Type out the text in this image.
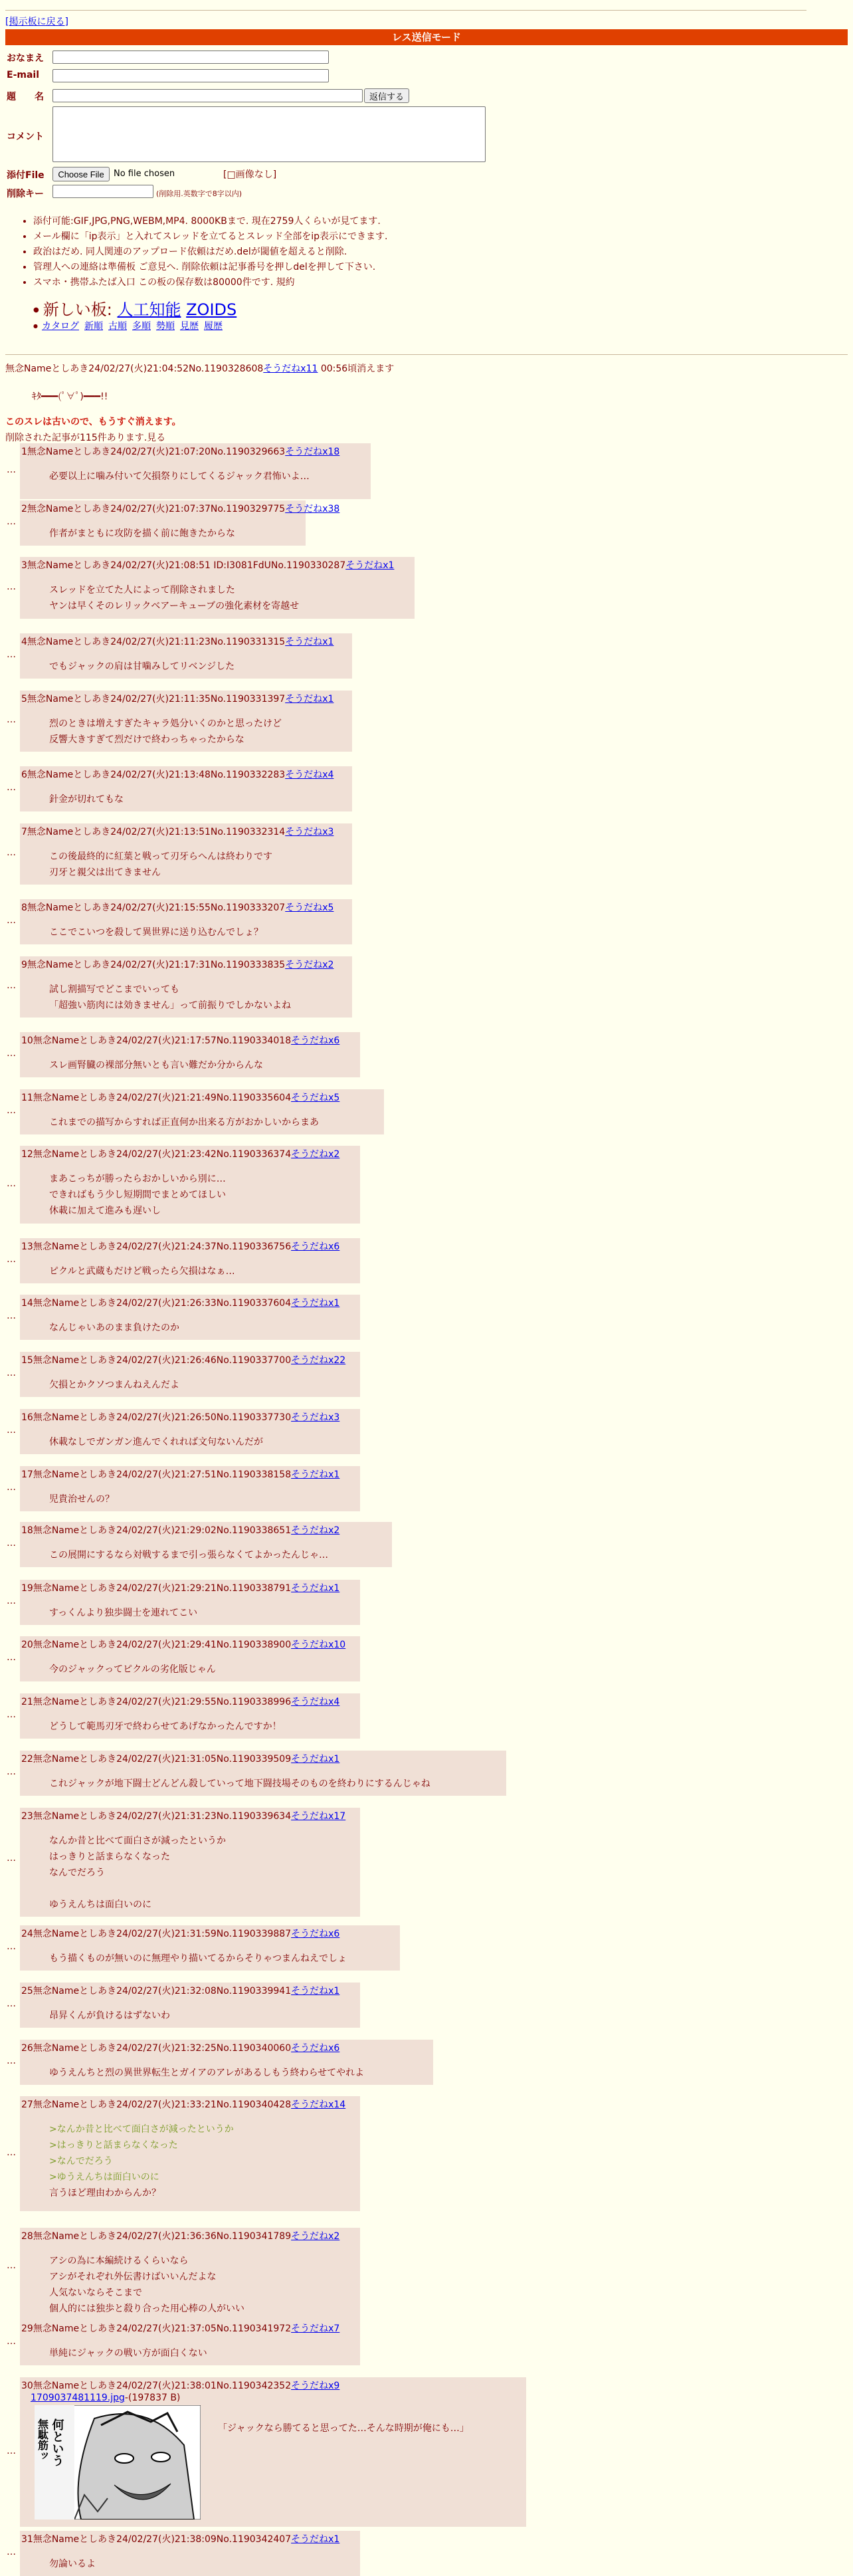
[掲示板に戻る]
レス送信モード
おなまえ
E-mail
題　　名	返信する
コメント
添付File	Choose File	No file chosen	[□画像なし]
削除キー	(削除用.英数字で8字以内)
• 添付可能:GIF,JPG,PNG,WEBM,MP4. 8000KBまで. 現在2759人くらいが見てます.
• メール欄に「ip表示」と入れてスレッドを立てるとスレッド全部をip表示にできます.
• 政治はだめ. 同人関連のアップロード依頼はだめ.delが閾値を超えると削除.
• 管理人への連絡は準備板 ご意見へ. 削除依頼は記事番号を押しdelを押して下さい.
• スマホ・携帯ふたば入口 この板の保存数は80000件です. 規約
● 新しい板: 人工知能 ZOIDS
● カタログ 新順 古順 多順 勢順 見歴 履歴
無念Nameとしあき24/02/27(火)21:04:52No.1190328608そうだねx11 00:56頃消えます
ｷﾀ━━━(ﾟ∀ﾟ)━━━!!
このスレは古いので、もうすぐ消えます。
削除された記事が115件あります.見る
…
1無念Nameとしあき24/02/27(火)21:07:20No.1190329663そうだねx18
必要以上に噛み付いて欠損祭りにしてくるジャック君怖いよ…
…
2無念Nameとしあき24/02/27(火)21:07:37No.1190329775そうだねx38
作者がまともに攻防を描く前に飽きたからな
…
3無念Nameとしあき24/02/27(火)21:08:51 ID:I3081FdUNo.1190330287そうだねx1
スレッドを立てた人によって削除されました
ヤンは早くそのレリックベアーキューブの強化素材を寄越せ
…
4無念Nameとしあき24/02/27(火)21:11:23No.1190331315そうだねx1
でもジャックの肩は甘噛みしてリベンジした
…
5無念Nameとしあき24/02/27(火)21:11:35No.1190331397そうだねx1
烈のときは増えすぎたキャラ処分いくのかと思ったけど
反響大きすぎて烈だけで終わっちゃったからな
…
6無念Nameとしあき24/02/27(火)21:13:48No.1190332283そうだねx4
針金が切れてもな
…
7無念Nameとしあき24/02/27(火)21:13:51No.1190332314そうだねx3
この後最終的に紅葉と戦って刃牙らへんは終わりです
刃牙と親父は出てきません
…
8無念Nameとしあき24/02/27(火)21:15:55No.1190333207そうだねx5
ここでこいつを殺して異世界に送り込むんでしょ？
…
9無念Nameとしあき24/02/27(火)21:17:31No.1190333835そうだねx2
試し割描写でどこまでいっても
「超強い筋肉には効きません」って前振りでしかないよね
…
10無念Nameとしあき24/02/27(火)21:17:57No.1190334018そうだねx6
スレ画腎臓の裸部分無いとも言い難だか分からんな
…
11無念Nameとしあき24/02/27(火)21:21:49No.1190335604そうだねx5
これまでの描写からすれば正直何か出来る方がおかしいからまあ
…
12無念Nameとしあき24/02/27(火)21:23:42No.1190336374そうだねx2
まあこっちが勝ったらおかしいから別に…
できればもう少し短期間でまとめてほしい
休載に加えて進みも遅いし
…
13無念Nameとしあき24/02/27(火)21:24:37No.1190336756そうだねx6
ピクルと武蔵もだけど戦ったら欠損はなぁ…
…
14無念Nameとしあき24/02/27(火)21:26:33No.1190337604そうだねx1
なんじゃいあのまま負けたのか
…
15無念Nameとしあき24/02/27(火)21:26:46No.1190337700そうだねx22
欠損とかクソつまんねえんだよ
…
16無念Nameとしあき24/02/27(火)21:26:50No.1190337730そうだねx3
休載なしでガンガン進んでくれれば文句ないんだが
…
17無念Nameとしあき24/02/27(火)21:27:51No.1190338158そうだねx1
児貴治せんの？
…
18無念Nameとしあき24/02/27(火)21:29:02No.1190338651そうだねx2
この展開にするなら対戦するまで引っ張らなくてよかったんじゃ…
…
19無念Nameとしあき24/02/27(火)21:29:21No.1190338791そうだねx1
すっくんより独歩闘士を連れてこい
…
20無念Nameとしあき24/02/27(火)21:29:41No.1190338900そうだねx10
今のジャックってピクルの劣化版じゃん
…
21無念Nameとしあき24/02/27(火)21:29:55No.1190338996そうだねx4
どうして範馬刃牙で終わらせてあげなかったんですか！
…
22無念Nameとしあき24/02/27(火)21:31:05No.1190339509そうだねx1
これジャックが地下闘士どんどん殺していって地下闘技場そのものを終わりにするんじゃね
…
23無念Nameとしあき24/02/27(火)21:31:23No.1190339634そうだねx17
なんか昔と比べて面白さが減ったというか
はっきりと話まらなくなった
なんでだろう

ゆうえんちは面白いのに
…
24無念Nameとしあき24/02/27(火)21:31:59No.1190339887そうだねx6
もう描くものが無いのに無理やり描いてるからそりゃつまんねえでしょ
…
25無念Nameとしあき24/02/27(火)21:32:08No.1190339941そうだねx1
昂昇くんが負けるはずないわ
…
26無念Nameとしあき24/02/27(火)21:32:25No.1190340060そうだねx6
ゆうえんちと烈の異世界転生とガイアのアレがあるしもう終わらせてやれよ
…
27無念Nameとしあき24/02/27(火)21:33:21No.1190340428そうだねx14
>なんか昔と比べて面白さが減ったというか
>はっきりと話まらなくなった
>なんでだろう
>ゆうえんちは面白いのに
言うほど理由わからんか？
…
28無念Nameとしあき24/02/27(火)21:36:36No.1190341789そうだねx2
アシの為に本編続けるくらいなら
アシがそれぞれ外伝書けばいいんだよな
人気ないならそこまで
個人的には独歩と殺り合った用心棒の人がいい
…
29無念Nameとしあき24/02/27(火)21:37:05No.1190341972そうだねx7
単純にジャックの戦い方が面白くない
…
30無念Nameとしあき24/02/27(火)21:38:01No.1190342352そうだねx9
1709037481119.jpg-(197837 B)
何という
無駄筋ッ	「ジャックなら勝てると思ってた…そんな時期が俺にも…」
…
31無念Nameとしあき24/02/27(火)21:38:09No.1190342407そうだねx1
勿論いるよ
